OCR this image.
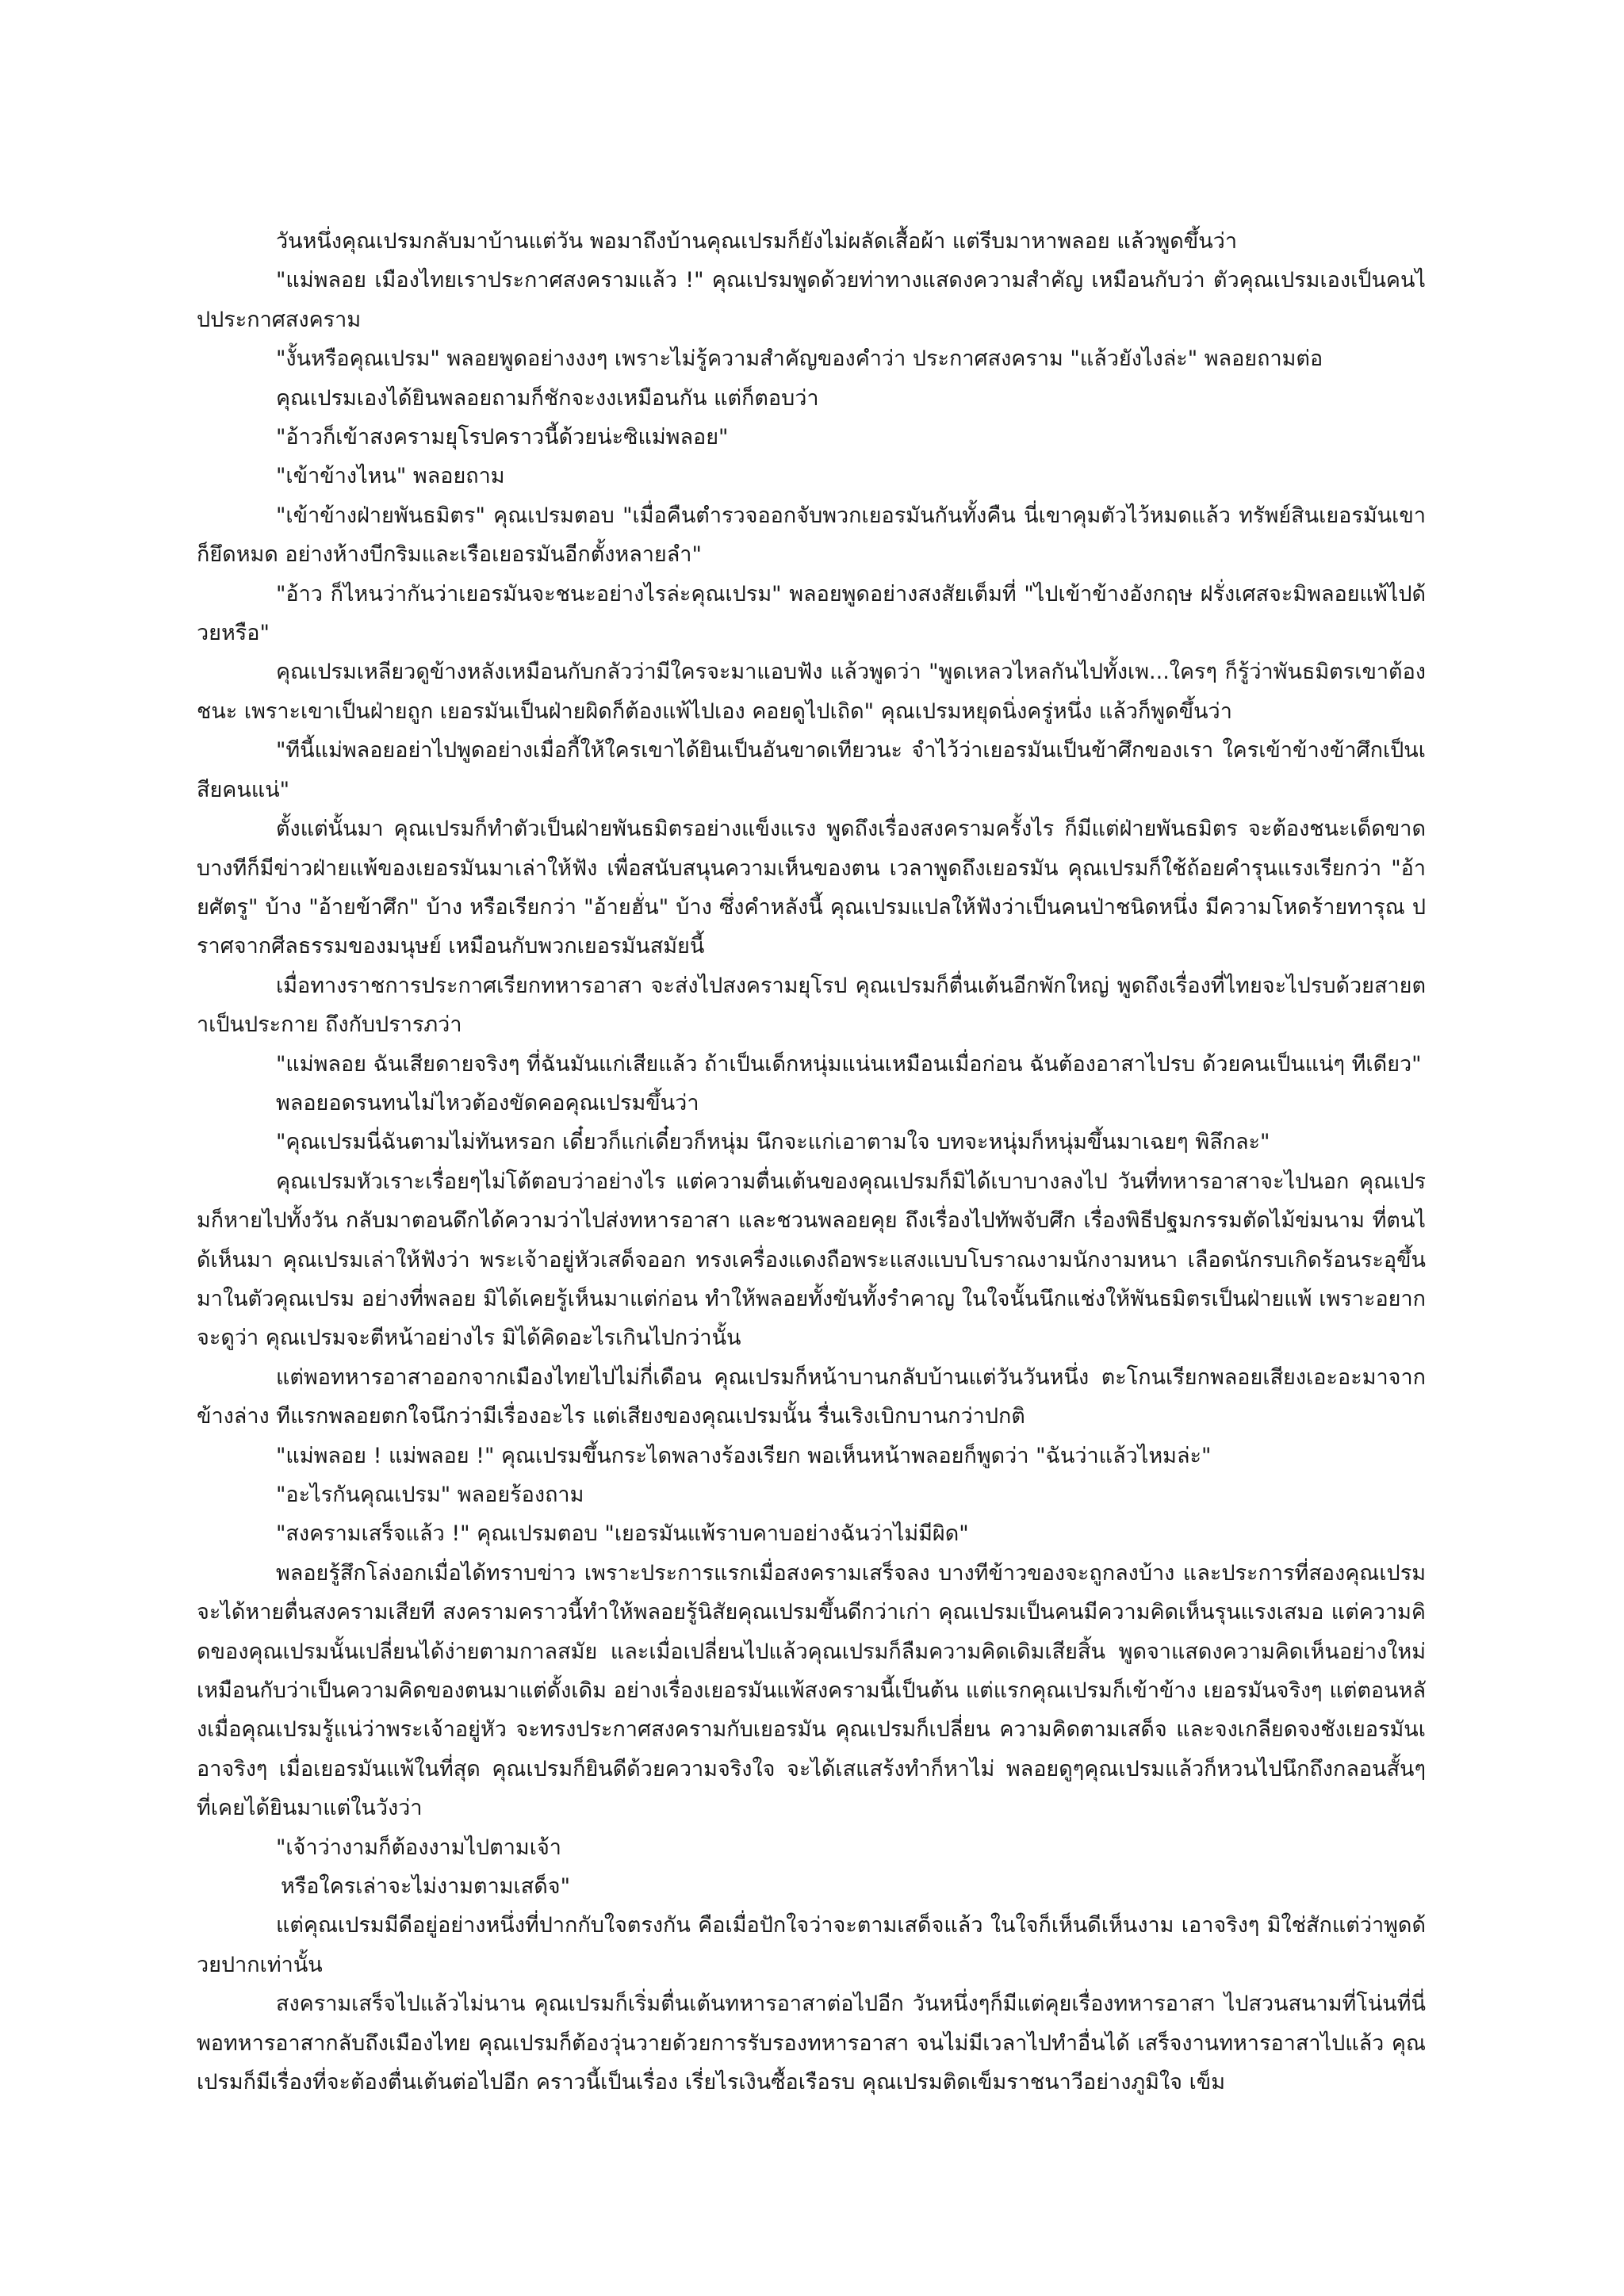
วันหนึ่งคุณเปรมกลับมาบ้านแต่วัน พอมาถึงบ้านคุณเปรมก็ยังไม่ผลัดเสื้อผ้า แต่รีบมาหาพลอย แล้วพูดขึ้นว่า

"แม่พลอย เมืองไทยเราประกาศสงครามแล้ว !" คุณเปรมพูดด้วยท่าทางแสดงความสำคัญ เหมือนกับว่า ตัวคุณเปรมเองเป็นคนไปประกาศสงคราม

"งั้นหรือคุณเปรม" พลอยพูดอย่างงงๆ เพราะไม่รู้ความสำคัญของคำว่า ประกาศสงคราม "แล้วยังไงล่ะ" พลอยถามต่อ

คุณเปรมเองได้ยินพลอยถามก็ชักจะงงเหมือนกัน แต่ก็ตอบว่า

"อ้าวก็เข้าสงครามยุโรปคราวนี้ด้วยน่ะซิแม่พลอย"

"เข้าข้างไหน" พลอยถาม

"เข้าข้างฝ่ายพันธมิตร" คุณเปรมตอบ "เมื่อคืนตำรวจออกจับพวกเยอรมันกันทั้งคืน นี่เขาคุมตัวไว้หมดแล้ว ทรัพย์สินเยอรมันเขาก็ยึดหมด อย่างห้างบีกริมและเรือเยอรมันอีกตั้งหลายลำ"

"อ้าว ก็ไหนว่ากันว่าเยอรมันจะชนะอย่างไรล่ะคุณเปรม" พลอยพูดอย่างสงสัยเต็มที่ "ไปเข้าข้างอังกฤษ ฝรั่งเศสจะมิพลอยแพ้ไปด้วยหรือ"

คุณเปรมเหลียวดูข้างหลังเหมือนกับกลัวว่ามีใครจะมาแอบฟัง แล้วพูดว่า "พูดเหลวไหลกันไปทั้งเพ...ใครๆ ก็รู้ว่าพันธมิตรเขาต้องชนะ เพราะเขาเป็นฝ่ายถูก เยอรมันเป็นฝ่ายผิดก็ต้องแพ้ไปเอง คอยดูไปเถิด" คุณเปรมหยุดนิ่งครู่หนึ่ง แล้วก็พูดขึ้นว่า

"ทีนี้แม่พลอยอย่าไปพูดอย่างเมื่อกี้ให้ใครเขาได้ยินเป็นอันขาดเทียวนะ จำไว้ว่าเยอรมันเป็นข้าศึกของเรา ใครเข้าข้างข้าศึกเป็นเสียคนแน่"

ตั้งแต่นั้นมา คุณเปรมก็ทำตัวเป็นฝ่ายพันธมิตรอย่างแข็งแรง พูดถึงเรื่องสงครามครั้งไร ก็มีแต่ฝ่ายพันธมิตร จะต้องชนะเด็ดขาด บางทีก็มีข่าวฝ่ายแพ้ของเยอรมันมาเล่าให้ฟัง เพื่อสนับสนุนความเห็นของตน เวลาพูดถึงเยอรมัน คุณเปรมก็ใช้ถ้อยคำรุนแรงเรียกว่า "อ้ายศัตรู" บ้าง "อ้ายข้าศึก" บ้าง หรือเรียกว่า "อ้ายฮั่น" บ้าง ซึ่งคำหลังนี้ คุณเปรมแปลให้ฟังว่าเป็นคนป่าชนิดหนึ่ง มีความโหดร้ายทารุณ ปราศจากศีลธรรมของมนุษย์ เหมือนกับพวกเยอรมันสมัยนี้

เมื่อทางราชการประกาศเรียกทหารอาสา จะส่งไปสงครามยุโรป คุณเปรมก็ตื่นเต้นอีกพักใหญ่ พูดถึงเรื่องที่ไทยจะไปรบด้วยสายตาเป็นประกาย ถึงกับปรารภว่า

"แม่พลอย ฉันเสียดายจริงๆ ที่ฉันมันแก่เสียแล้ว ถ้าเป็นเด็กหนุ่มแน่นเหมือนเมื่อก่อน ฉันต้องอาสาไปรบ ด้วยคนเป็นแน่ๆ ทีเดียว"

พลอยอดรนทนไม่ไหวต้องขัดคอคุณเปรมขึ้นว่า

"คุณเปรมนี่ฉันตามไม่ทันหรอก เดี๋ยวก็แก่เดี๋ยวก็หนุ่ม นึกจะแก่เอาตามใจ บทจะหนุ่มก็หนุ่มขึ้นมาเฉยๆ พิลึกละ"

คุณเปรมหัวเราะเรื่อยๆไม่โต้ตอบว่าอย่างไร แต่ความตื่นเต้นของคุณเปรมก็มิได้เบาบางลงไป วันที่ทหารอาสาจะไปนอก คุณเปรมก็หายไปทั้งวัน กลับมาตอนดึกได้ความว่าไปส่งทหารอาสา และชวนพลอยคุย ถึงเรื่องไปทัพจับศึก เรื่องพิธีปฐมกรรมตัดไม้ข่มนาม ที่ตนได้เห็นมา คุณเปรมเล่าให้ฟังว่า พระเจ้าอยู่หัวเสด็จออก ทรงเครื่องแดงถือพระแสงแบบโบราณงามนักงามหนา เลือดนักรบเกิดร้อนระอุขึ้นมาในตัวคุณเปรม อย่างที่พลอย มิได้เคยรู้เห็นมาแต่ก่อน ทำให้พลอยทั้งขันทั้งรำคาญ ในใจนั้นนึกแช่งให้พันธมิตรเป็นฝ่ายแพ้ เพราะอยากจะดูว่า คุณเปรมจะตีหน้าอย่างไร มิได้คิดอะไรเกินไปกว่านั้น

แต่พอทหารอาสาออกจากเมืองไทยไปไม่กี่เดือน คุณเปรมก็หน้าบานกลับบ้านแต่วันวันหนึ่ง ตะโกนเรียกพลอยเสียงเอะอะมาจากข้างล่าง ทีแรกพลอยตกใจนึกว่ามีเรื่องอะไร แต่เสียงของคุณเปรมนั้น รื่นเริงเบิกบานกว่าปกติ

"แม่พลอย ! แม่พลอย !" คุณเปรมขึ้นกระไดพลางร้องเรียก พอเห็นหน้าพลอยก็พูดว่า "ฉันว่าแล้วไหมล่ะ"

"อะไรกันคุณเปรม" พลอยร้องถาม

"สงครามเสร็จแล้ว !" คุณเปรมตอบ "เยอรมันแพ้ราบคาบอย่างฉันว่าไม่มีผิด"

พลอยรู้สึกโล่งอกเมื่อได้ทราบข่าว เพราะประการแรกเมื่อสงครามเสร็จลง บางทีข้าวของจะถูกลงบ้าง และประการที่สองคุณเปรมจะได้หายตื่นสงครามเสียที สงครามคราวนี้ทำให้พลอยรู้นิสัยคุณเปรมขึ้นดีกว่าเก่า คุณเปรมเป็นคนมีความคิดเห็นรุนแรงเสมอ แต่ความคิดของคุณเปรมนั้นเปลี่ยนได้ง่ายตามกาลสมัย และเมื่อเปลี่ยนไปแล้วคุณเปรมก็ลืมความคิดเดิมเสียสิ้น พูดจาแสดงความคิดเห็นอย่างใหม่ เหมือนกับว่าเป็นความคิดของตนมาแต่ดั้งเดิม อย่างเรื่องเยอรมันแพ้สงครามนี้เป็นต้น แต่แรกคุณเปรมก็เข้าข้าง เยอรมันจริงๆ แต่ตอนหลังเมื่อคุณเปรมรู้แน่ว่าพระเจ้าอยู่หัว จะทรงประกาศสงครามกับเยอรมัน คุณเปรมก็เปลี่ยน ความคิดตามเสด็จ และจงเกลียดจงชังเยอรมันเอาจริงๆ เมื่อเยอรมันแพ้ในที่สุด คุณเปรมก็ยินดีด้วยความจริงใจ จะได้เสแสร้งทำก็หาไม่ พลอยดูๆคุณเปรมแล้วก็หวนไปนึกถึงกลอนสั้นๆ ที่เคยได้ยินมาแต่ในวังว่า

"เจ้าว่างามก็ต้องงามไปตามเจ้า

หรือใครเล่าจะไม่งามตามเสด็จ"

แต่คุณเปรมมีดีอยู่อย่างหนึ่งที่ปากกับใจตรงกัน คือเมื่อปักใจว่าจะตามเสด็จแล้ว ในใจก็เห็นดีเห็นงาม เอาจริงๆ มิใช่สักแต่ว่าพูดด้วยปากเท่านั้น

สงครามเสร็จไปแล้วไม่นาน คุณเปรมก็เริ่มตื่นเต้นทหารอาสาต่อไปอีก วันหนึ่งๆก็มีแต่คุยเรื่องทหารอาสา ไปสวนสนามที่โน่นที่นี่ พอทหารอาสากลับถึงเมืองไทย คุณเปรมก็ต้องวุ่นวายด้วยการรับรองทหารอาสา จนไม่มีเวลาไปทำอื่นได้ เสร็จงานทหารอาสาไปแล้ว คุณเปรมก็มีเรื่องที่จะต้องตื่นเต้นต่อไปอีก คราวนี้เป็นเรื่อง เรี่ยไรเงินซื้อเรือรบ คุณเปรมติดเข็มราชนาวีอย่างภูมิใจ เข็ม
